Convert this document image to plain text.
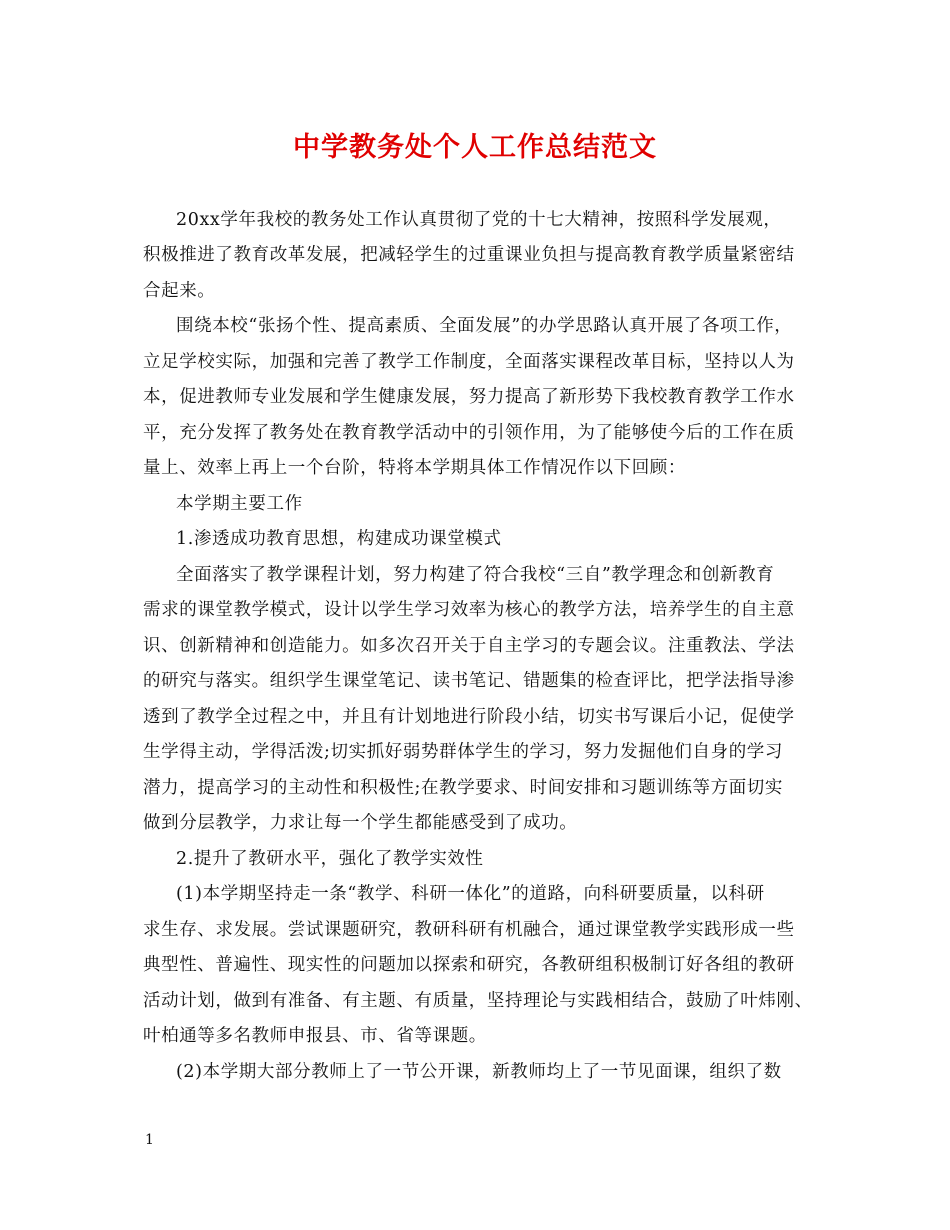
中学教务处个人工作总结范文
20xx学年我校的教务处工作认真贯彻了党的十七大精神，按照科学发展观，
积极推进了教育改革发展，把减轻学生的过重课业负担与提高教育教学质量紧密结
合起来。
围绕本校“张扬个性、提高素质、全面发展”的办学思路认真开展了各项工作，
立足学校实际，加强和完善了教学工作制度，全面落实课程改革目标，坚持以人为
本，促进教师专业发展和学生健康发展，努力提高了新形势下我校教育教学工作水
平，充分发挥了教务处在教育教学活动中的引领作用，为了能够使今后的工作在质
量上、效率上再上一个台阶，特将本学期具体工作情况作以下回顾：
本学期主要工作
1.渗透成功教育思想，构建成功课堂模式
全面落实了教学课程计划，努力构建了符合我校“三自”教学理念和创新教育
需求的课堂教学模式，设计以学生学习效率为核心的教学方法，培养学生的自主意
识、创新精神和创造能力。如多次召开关于自主学习的专题会议。注重教法、学法
的研究与落实。组织学生课堂笔记、读书笔记、错题集的检查评比，把学法指导渗
透到了教学全过程之中，并且有计划地进行阶段小结，切实书写课后小记，促使学
生学得主动，学得活泼;切实抓好弱势群体学生的学习，努力发掘他们自身的学习
潜力，提高学习的主动性和积极性;在教学要求、时间安排和习题训练等方面切实
做到分层教学，力求让每一个学生都能感受到了成功。
2.提升了教研水平，强化了教学实效性
(1)本学期坚持走一条“教学、科研一体化”的道路，向科研要质量，以科研
求生存、求发展。尝试课题研究，教研科研有机融合，通过课堂教学实践形成一些
典型性、普遍性、现实性的问题加以探索和研究，各教研组积极制订好各组的教研
活动计划，做到有准备、有主题、有质量，坚持理论与实践相结合，鼓励了叶炜刚、
叶柏通等多名教师申报县、市、省等课题。
(2)本学期大部分教师上了一节公开课，新教师均上了一节见面课，组织了数
1
